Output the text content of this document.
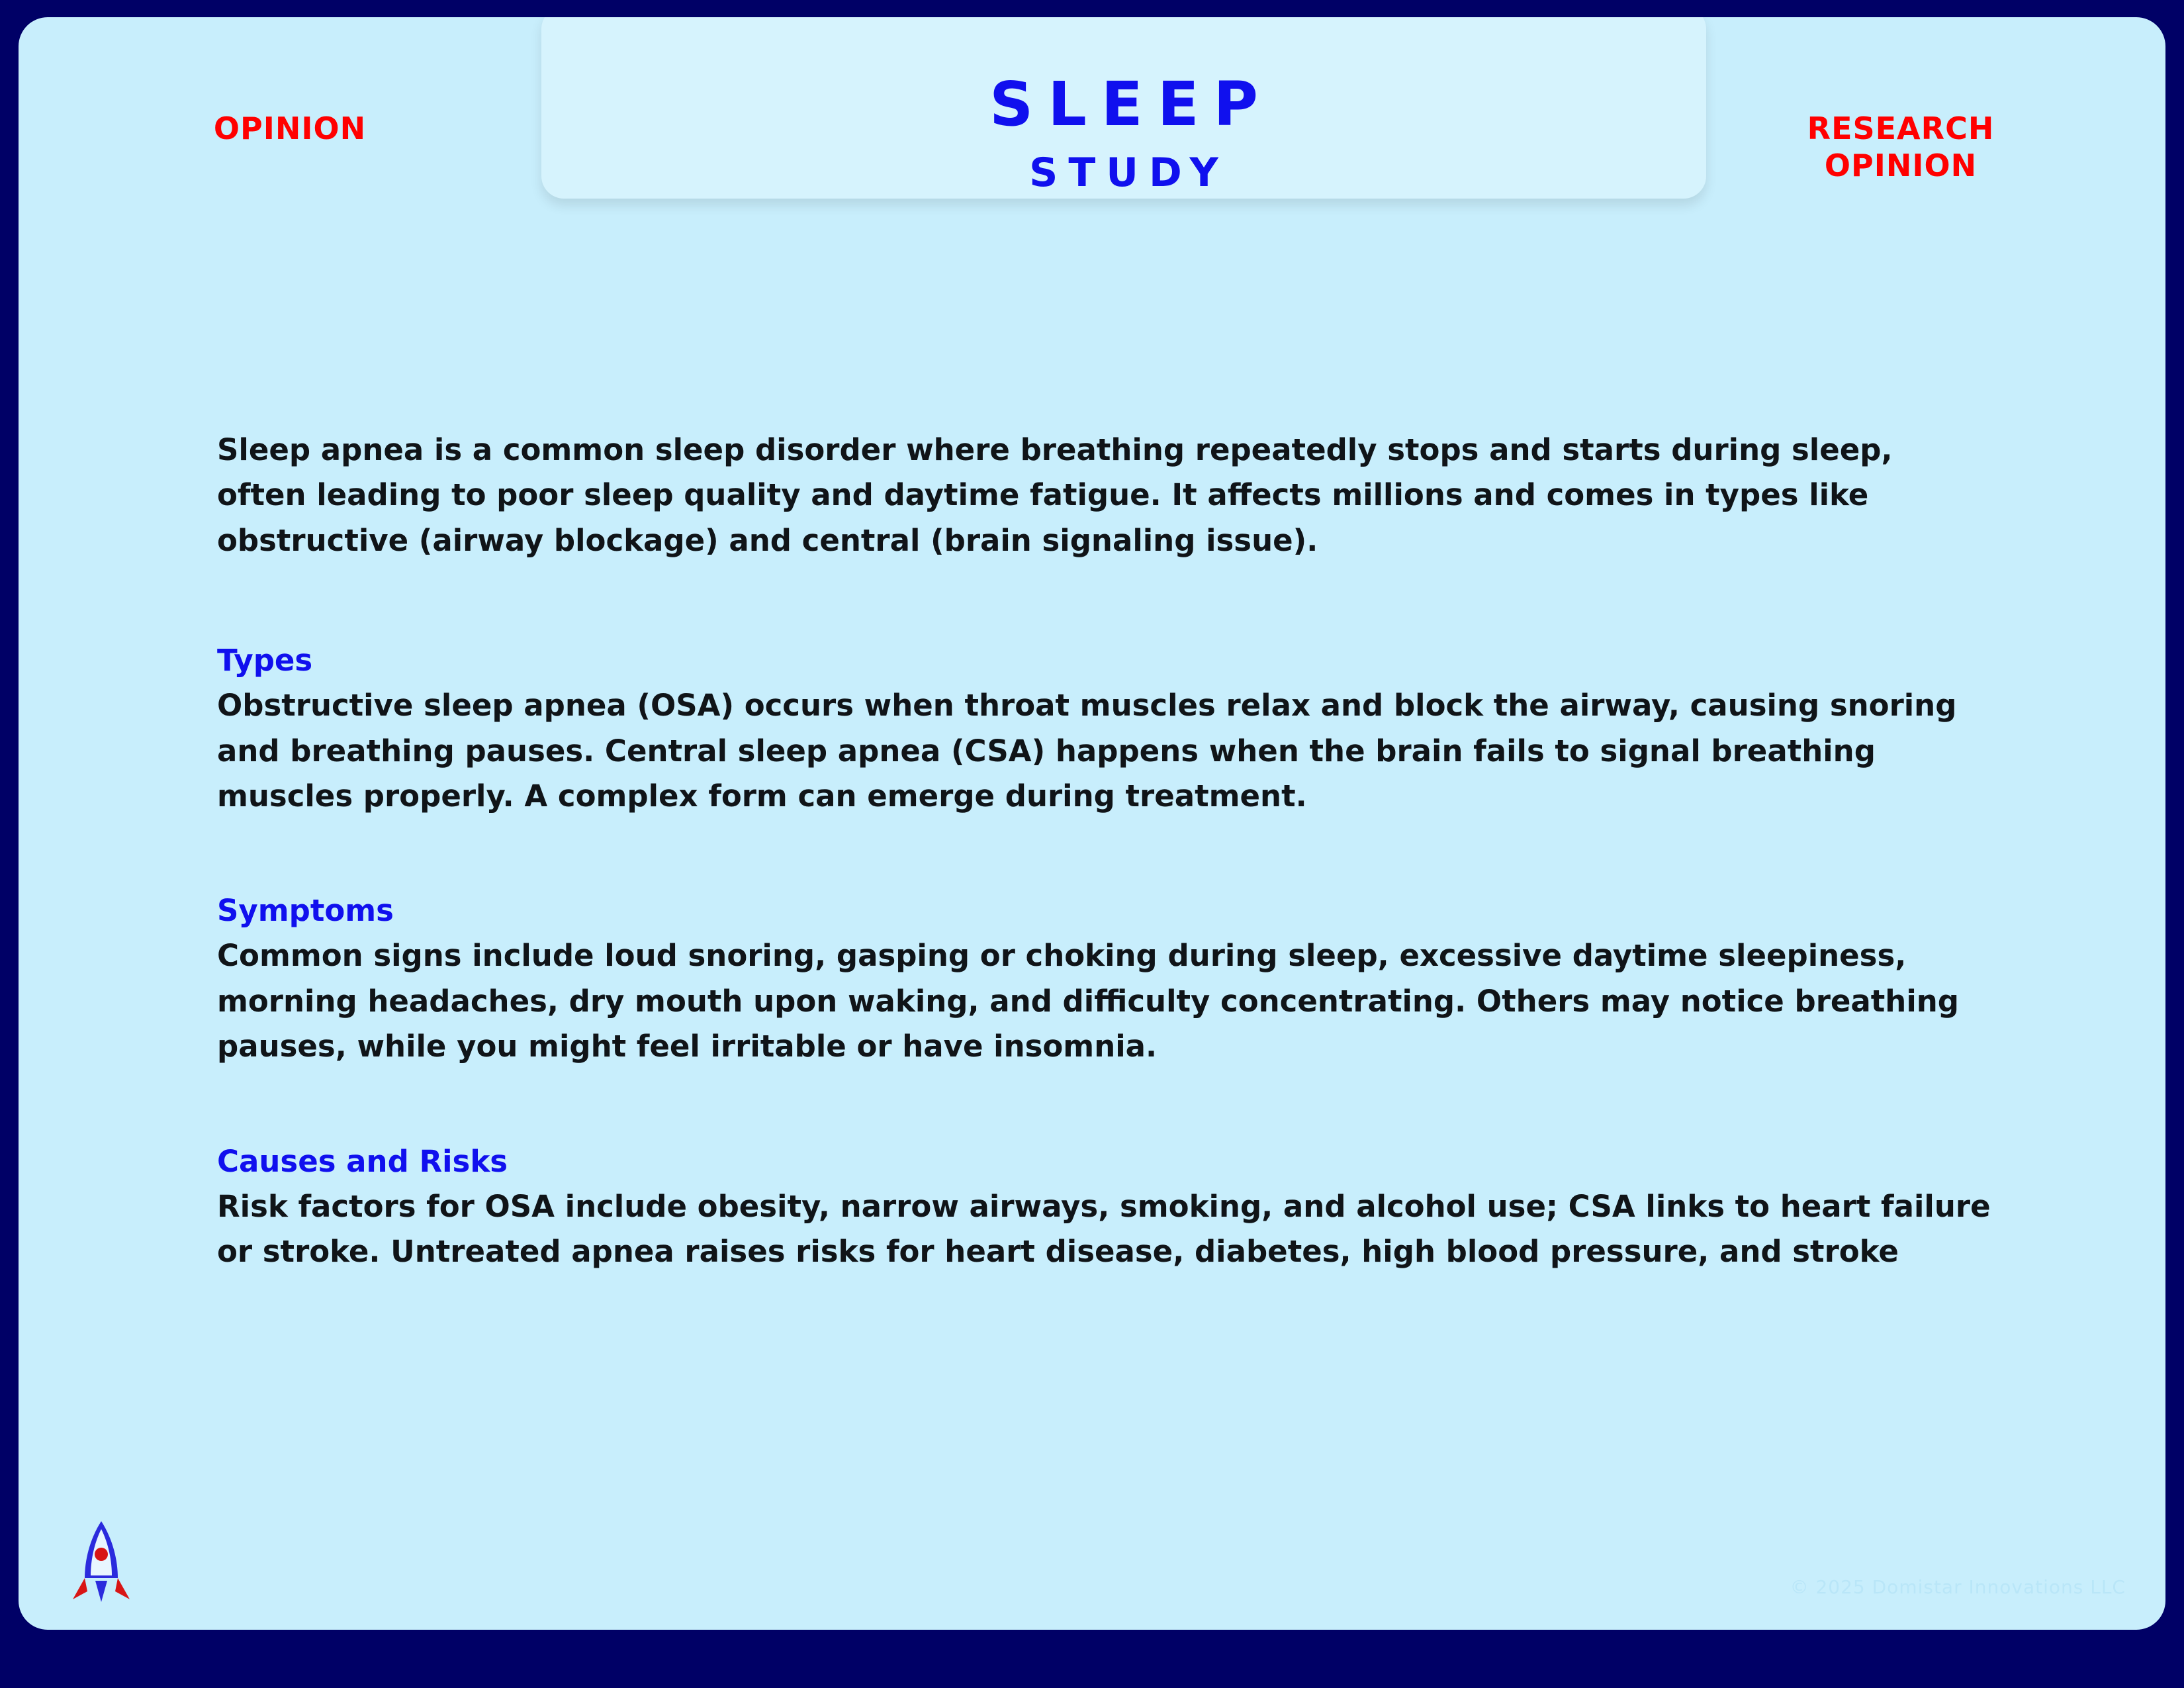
OPINION	RESEARCH
OPINION
SLEEP
STUDY
Sleep apnea is a common sleep disorder where breathing repeatedly stops and starts during sleep, often leading to poor sleep quality and daytime fatigue. It affects millions and comes in types like obstructive (airway blockage) and central (brain signaling issue).
Types
Obstructive sleep apnea (OSA) occurs when throat muscles relax and block the airway, causing snoring and breathing pauses. Central sleep apnea (CSA) happens when the brain fails to signal breathing muscles properly. A complex form can emerge during treatment.
Symptoms
Common signs include loud snoring, gasping or choking during sleep, excessive daytime sleepiness, morning headaches, dry mouth upon waking, and difficulty concentrating. Others may notice breathing pauses, while you might feel irritable or have insomnia.
Causes and Risks
Risk factors for OSA include obesity, narrow airways, smoking, and alcohol use; CSA links to heart failure or stroke. Untreated apnea raises risks for heart disease, diabetes, high blood pressure, and stroke
© 2025 Domistar Innovations LLC
